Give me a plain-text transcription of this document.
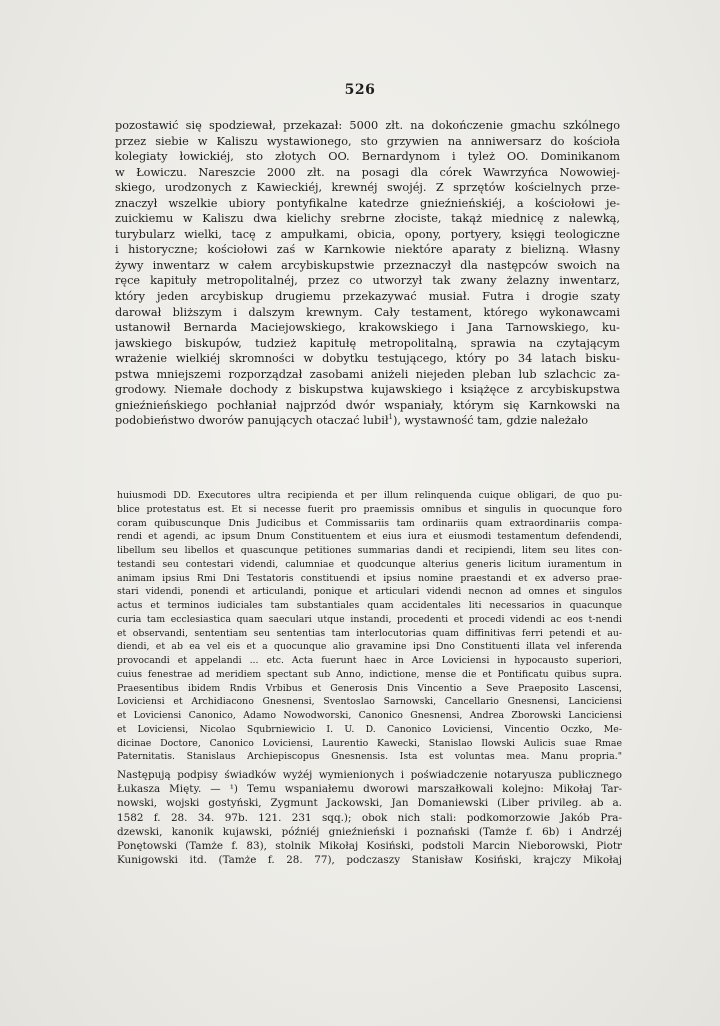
526
pozostawić się spodziewał, przekazał: 5000 złt. na dokończenie gmachu szkólnego
przez siebie w Kaliszu wystawionego, sto grzywien na anniwersarz do kościoła
kolegiaty łowickiéj, sto złotych OO. Bernardynom i tyleż OO. Dominikanom
w Łowiczu. Nareszcie 2000 złt. na posagi dla córek Wawrzyńca Nowowiej-
skiego, urodzonych z Kawieckiéj, krewnéj swojéj. Z sprzętów kościelnych prze-
znaczył wszelkie ubiory pontyfikalne katedrze gnieźnieńskiéj, a kościołowi je-
zuickiemu w Kaliszu dwa kielichy srebrne złociste, takąż miednicę z nalewką,
turybularz wielki, tacę z ampułkami, obicia, opony, portyery, księgi teologiczne
i historyczne; kościołowi zaś w Karnkowie niektóre aparaty z bielizną. Własny
żywy inwentarz w całem arcybiskupstwie przeznaczył dla następców swoich na
ręce kapituły metropolitalnéj, przez co utworzył tak zwany żelazny inwentarz,
który jeden arcybiskup drugiemu przekazywać musiał. Futra i drogie szaty
darował bliższym i dalszym krewnym. Cały testament, którego wykonawcami
ustanowił Bernarda Maciejowskiego, krakowskiego i Jana Tarnowskiego, ku-
jawskiego biskupów, tudzież kapitułę metropolitalną, sprawia na czytającym
wrażenie wielkiéj skromności w dobytku testującego, który po 34 latach bisku-
pstwa mniejszemi rozporządzał zasobami aniżeli niejeden pleban lub szlachcic za-
grodowy. Niemałe dochody z biskupstwa kujawskiego i książęce z arcybiskupstwa
gnieźnieńskiego pochłaniał najprzód dwór wspaniały, którym się Karnkowski na
podobieństwo dworów panujących otaczać lubił$^1$), wystawność tam, gdzie należało
huiusmodi DD. Executores ultra recipienda et per illum relinquenda cuique obligari, de quo pu-
blice protestatus est. Et si necesse fuerit pro praemissis omnibus et singulis in quocunque foro
coram quibuscunque Dnis Judicibus et Commissariis tam ordinariis quam extraordinariis compa-
rendi et agendi, ac ipsum Dnum Constituentem et eius iura et eiusmodi testamentum defendendi,
libellum seu libellos et quascunque petitiones summarias dandi et recipiendi, litem seu lites con-
testandi seu contestari videndi, calumniae et quodcunque alterius generis licitum iuramentum in
animam ipsius Rmi Dni Testatoris constituendi et ipsius nomine praestandi et ex adverso prae-
stari videndi, ponendi et articulandi, ponique et articulari videndi necnon ad omnes et singulos
actus et terminos iudiciales tam substantiales quam accidentales liti necessarios in quacunque
curia tam ecclesiastica quam saeculari utque instandi, procedenti et procedi videndi ac eos t-nendi
et observandi, sententiam seu sententias tam interlocutorias quam diffinitivas ferri petendi et au-
diendi, et ab ea vel eis et a quocunque alio gravamine ipsi Dno Constituenti illata vel inferenda
provocandi et appelandi ... etc. Acta fuerunt haec in Arce Loviciensi in hypocausto superiori,
cuius fenestrae ad meridiem spectant sub Anno, indictione, mense die et Pontificatu quibus supra.
Praesentibus ibidem Rndis Vrbibus et Generosis Dnis Vincentio a Seve Praeposito Lascensi,
Loviciensi et Archidiacono Gnesnensi, Sventoslao Sarnowski, Cancellario Gnesnensi, Lanciciensi
et Loviciensi Canonico, Adamo Nowodworski, Canonico Gnesnensi, Andrea Zborowski Lanciciensi
et Loviciensi, Nicolao Squbrniewicio I. U. D. Canonico Loviciensi, Vincentio Oczko, Me-
dicinae Doctore, Canonico Loviciensi, Laurentio Kawecki, Stanislao Ilowski Aulicis suae Rmae
Paternitatis. Stanislaus Archiepiscopus Gnesnensis. Ista est voluntas mea. Manu propria."
Następują podpisy świadków wyżéj wymienionych i poświadczenie notaryusza publicznego
Łukasza Mięty. — ¹) Temu wspaniałemu dworowi marszałkowali kolejno: Mikołaj Tar-
nowski, wojski gostyński, Zygmunt Jackowski, Jan Domaniewski (Liber privileg. ab a.
1582 f. 28. 34. 97b. 121. 231 sqq.); obok nich stali: podkomorzowie Jakób Pra-
dzewski, kanonik kujawski, późniéj gnieźnieński i poznański (Tamże f. 6b) i Andrzéj
Ponętowski (Tamże f. 83), stolnik Mikołaj Kosiński, podstoli Marcin Nieborowski, Piotr
Kunigowski itd. (Tamże f. 28. 77), podczaszy Stanisław Kosiński, krajczy Mikołaj
